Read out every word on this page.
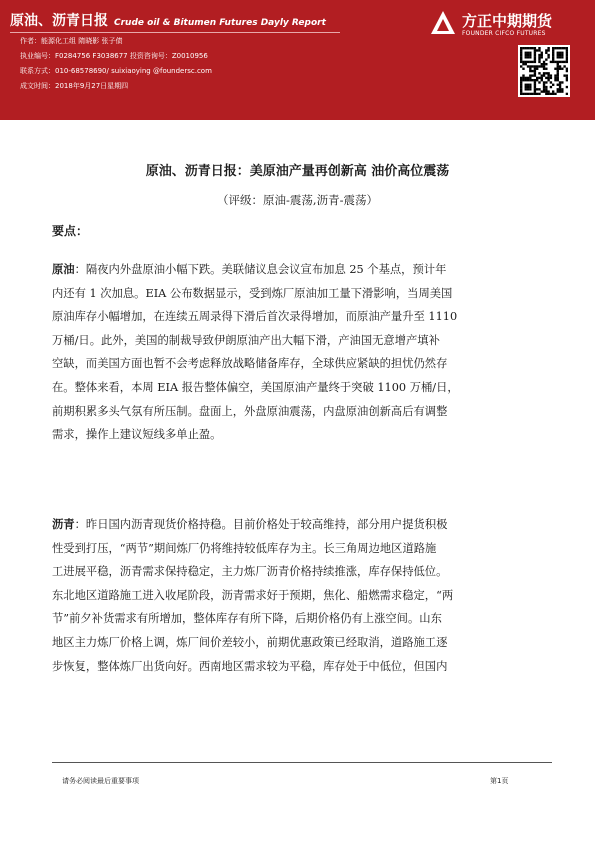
原油、沥青日报 Crude oil & Bitumen Futures Dayly Report
作者：能源化工组 隋晓影 张子债
执业编号：F0284756 F3038677 投资咨询号：Z0010956
联系方式：010-68578690/ suixiaoying @foundersc.com
成文时间：2018年9月27日星期四
方正中期期货
FOUNDER CIFCO FUTURES
原油、沥青日报：美原油产量再创新高 油价高位震荡
（评级：原油-震荡,沥青-震荡）
要点：
原油：隔夜内外盘原油小幅下跌。美联储议息会议宣布加息 25 个基点，预计年
内还有 1 次加息。EIA 公布数据显示，受到炼厂原油加工量下滑影响，当周美国
原油库存小幅增加，在连续五周录得下滑后首次录得增加，而原油产量升至 1110
万桶/日。此外，美国的制裁导致伊朗原油产出大幅下滑，产油国无意增产填补
空缺，而美国方面也暂不会考虑释放战略储备库存，全球供应紧缺的担忧仍然存
在。整体来看，本周 EIA 报告整体偏空，美国原油产量终于突破 1100 万桶/日，
前期积累多头气氛有所压制。盘面上，外盘原油震荡，内盘原油创新高后有调整
需求，操作上建议短线多单止盈。
沥青：昨日国内沥青现货价格持稳。目前价格处于较高维持，部分用户提货积极
性受到打压，“两节”期间炼厂仍将维持较低库存为主。长三角周边地区道路施
工进展平稳，沥青需求保持稳定，主力炼厂沥青价格持续推涨，库存保持低位。
东北地区道路施工进入收尾阶段，沥青需求好于预期，焦化、船燃需求稳定，“两
节”前夕补货需求有所增加，整体库存有所下降，后期价格仍有上涨空间。山东
地区主力炼厂价格上调，炼厂间价差较小，前期优惠政策已经取消，道路施工逐
步恢复，整体炼厂出货向好。西南地区需求较为平稳，库存处于中低位，但国内
请务必阅读最后重要事项	第1页
